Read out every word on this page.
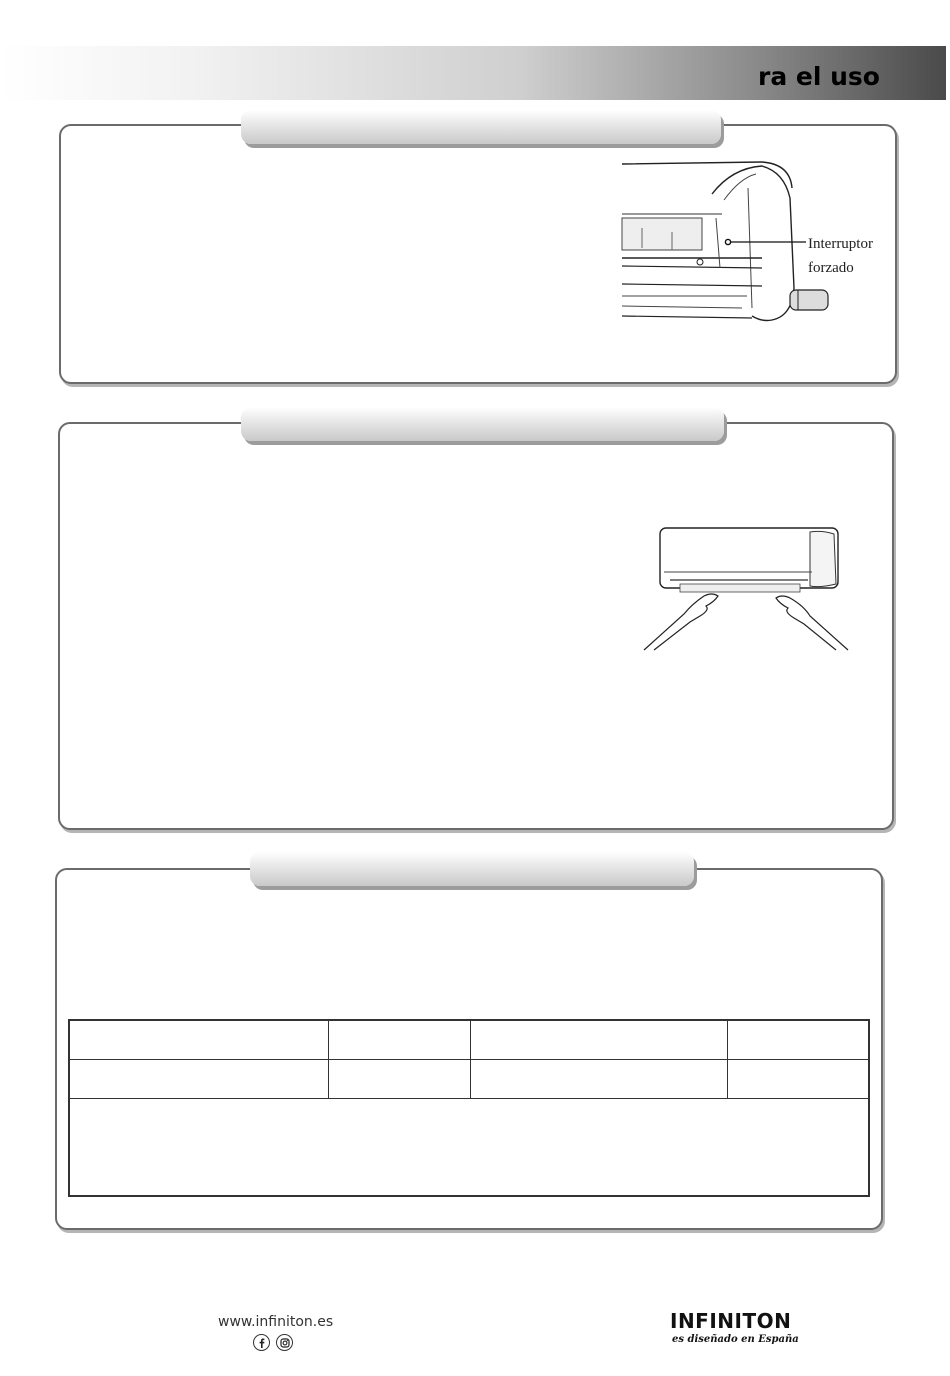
ra el uso
Interruptor
forzado
www.infiniton.es	INFINITON
es diseñado en España
